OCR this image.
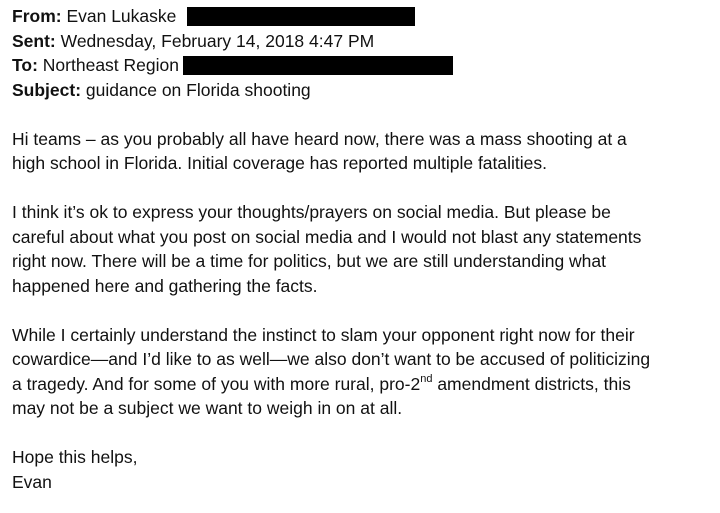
From: Evan Lukaske
Sent: Wednesday, February 14, 2018 4:47 PM
To: Northeast Region
Subject: guidance on Florida shooting
Hi teams – as you probably all have heard now, there was a mass shooting at a
high school in Florida. Initial coverage has reported multiple fatalities.
I think it’s ok to express your thoughts/prayers on social media. But please be
careful about what you post on social media and I would not blast any statements
right now. There will be a time for politics, but we are still understanding what
happened here and gathering the facts.
While I certainly understand the instinct to slam your opponent right now for their
cowardice—and I’d like to as well—we also don’t want to be accused of politicizing
a tragedy. And for some of you with more rural, pro-2nd amendment districts, this
may not be a subject we want to weigh in on at all.
Hope this helps,
Evan
